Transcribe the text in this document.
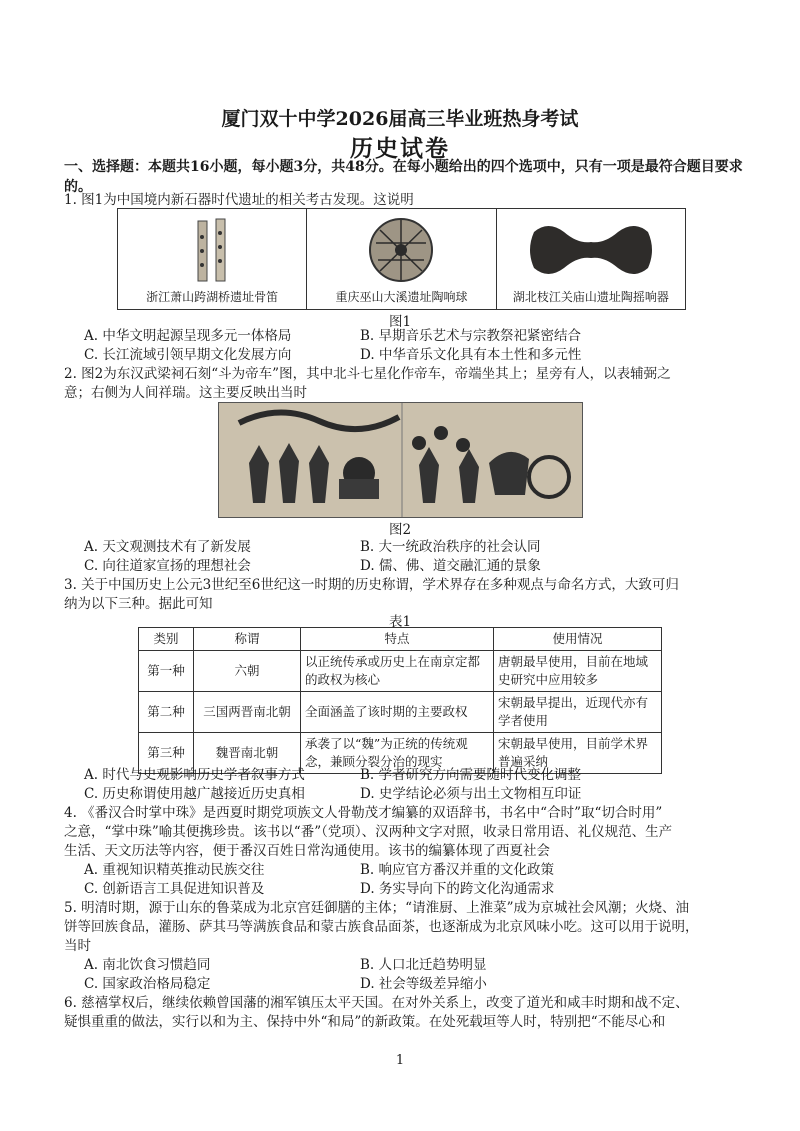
厦门双十中学2026届高三毕业班热身考试
历史试卷
一、选择题：本题共16小题，每小题3分，共48分。在每小题给出的四个选项中，只有一项是最符合题目要求的。
1. 图1为中国境内新石器时代遗址的相关考古发现。这说明
浙江萧山跨湖桥遗址骨笛	重庆巫山大溪遗址陶响球	湖北枝江关庙山遗址陶摇响器
图1
A. 中华文明起源呈现多元一体格局	B. 早期音乐艺术与宗教祭祀紧密结合
C. 长江流域引领早期文化发展方向	D. 中华音乐文化具有本土性和多元性
2. 图2为东汉武梁祠石刻“斗为帝车”图，其中北斗七星化作帝车，帝端坐其上；星旁有人，以表辅弼之
意；右侧为人间祥瑞。这主要反映出当时
图2
A. 天文观测技术有了新发展	B. 大一统政治秩序的社会认同
C. 向往道家宣扬的理想社会	D. 儒、佛、道交融汇通的景象
3. 关于中国历史上公元3世纪至6世纪这一时期的历史称谓，学术界存在多种观点与命名方式，大致可归
纳为以下三种。据此可知
表1
类别	称谓	特点	使用情况
第一种	六朝	以正统传承或历史上在南京定都的政权为核心	唐朝最早使用，目前在地域史研究中应用较多
第二种	三国两晋南北朝	全面涵盖了该时期的主要政权	宋朝最早提出，近现代亦有学者使用
第三种	魏晋南北朝	承袭了以“魏”为正统的传统观念，兼顾分裂分治的现实	宋朝最早使用，目前学术界普遍采纳
A. 时代与史观影响历史学者叙事方式	B. 学者研究方向需要随时代变化调整
C. 历史称谓使用越广越接近历史真相	D. 史学结论必须与出土文物相互印证
4. 《番汉合时掌中珠》是西夏时期党项族文人骨勒茂才编纂的双语辞书，书名中“合时”取“切合时用”
之意，“掌中珠”喻其便携珍贵。该书以“番”（党项）、汉两种文字对照，收录日常用语、礼仪规范、生产
生活、天文历法等内容，便于番汉百姓日常沟通使用。该书的编纂体现了西夏社会
A. 重视知识精英推动民族交往	B. 响应官方番汉并重的文化政策
C. 创新语言工具促进知识普及	D. 务实导向下的跨文化沟通需求
5. 明清时期，源于山东的鲁菜成为北京宫廷御膳的主体；“请淮厨、上淮菜”成为京城社会风潮；火烧、油
饼等回族食品，灌肠、萨其马等满族食品和蒙古族食品面茶，也逐渐成为北京风味小吃。这可以用于说明，
当时
A. 南北饮食习惯趋同	B. 人口北迁趋势明显
C. 国家政治格局稳定	D. 社会等级差异缩小
6. 慈禧掌权后，继续依赖曾国藩的湘军镇压太平天国。在对外关系上，改变了道光和咸丰时期和战不定、
疑惧重重的做法，实行以和为主、保持中外“和局”的新政策。在处死载垣等人时，特别把“不能尽心和
1
